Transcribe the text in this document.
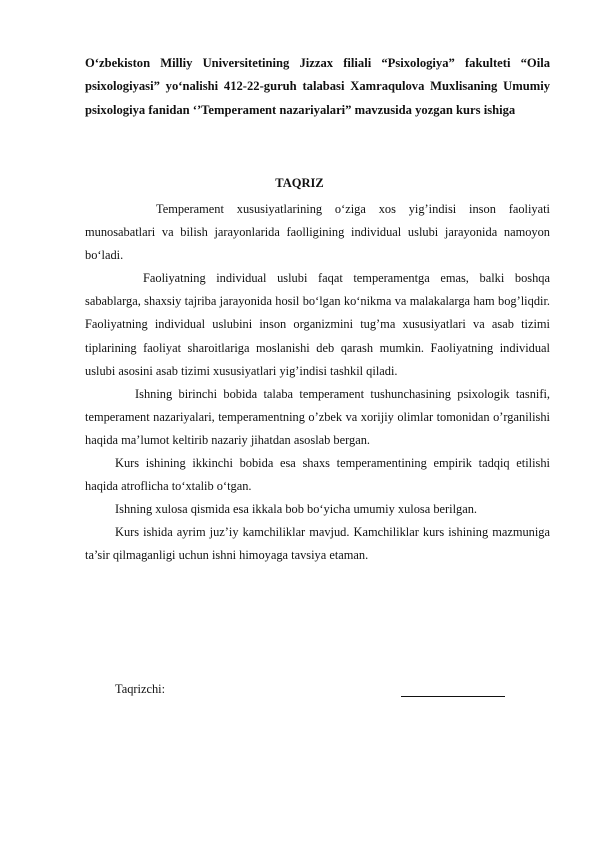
O‘zbekiston Milliy Universitetining Jizzax filiali “Psixologiya” fakulteti “Oila psixologiyasi” yo‘nalishi 412-22-guruh talabasi Xamraqulova Muxlisaning Umumiy psixologiya fanidan ‘’Temperament nazariyalari” mavzusida yozgan kurs ishiga

TAQRIZ

Temperament xususiyatlarining o‘ziga xos yig’indisi inson faoliyati munosabatlari va bilish jarayonlarida faolligining individual uslubi jarayonida namoyon bo‘ladi.

Faoliyatning individual uslubi faqat temperamentga emas, balki boshqa sabablarga, shaxsiy tajriba jarayonida hosil bo‘lgan ko‘nikma va malakalarga ham bog’liqdir. Faoliyatning individual uslubini inson organizmini tug’ma xususiyatlari va asab tizimi tiplarining faoliyat sharoitlariga moslanishi deb qarash mumkin. Faoliyatning individual uslubi asosini asab tizimi xususiyatlari yig’indisi tashkil qiladi.

Ishning birinchi bobida talaba temperament tushunchasining psixologik tasnifi, temperament nazariyalari, temperamentning o’zbek va xorijiy olimlar tomonidan o’rganilishi haqida ma’lumot keltirib nazariy jihatdan asoslab bergan.

Kurs ishining ikkinchi bobida esa shaxs temperamentining empirik tadqiq etilishi haqida atroflicha to‘xtalib o‘tgan.

Ishning xulosa qismida esa ikkala bob bo‘yicha umumiy xulosa berilgan.

Kurs ishida ayrim juz’iy kamchiliklar mavjud. Kamchiliklar kurs ishining mazmuniga ta’sir qilmaganligi uchun ishni himoyaga tavsiya etaman.

Taqrizchi:
